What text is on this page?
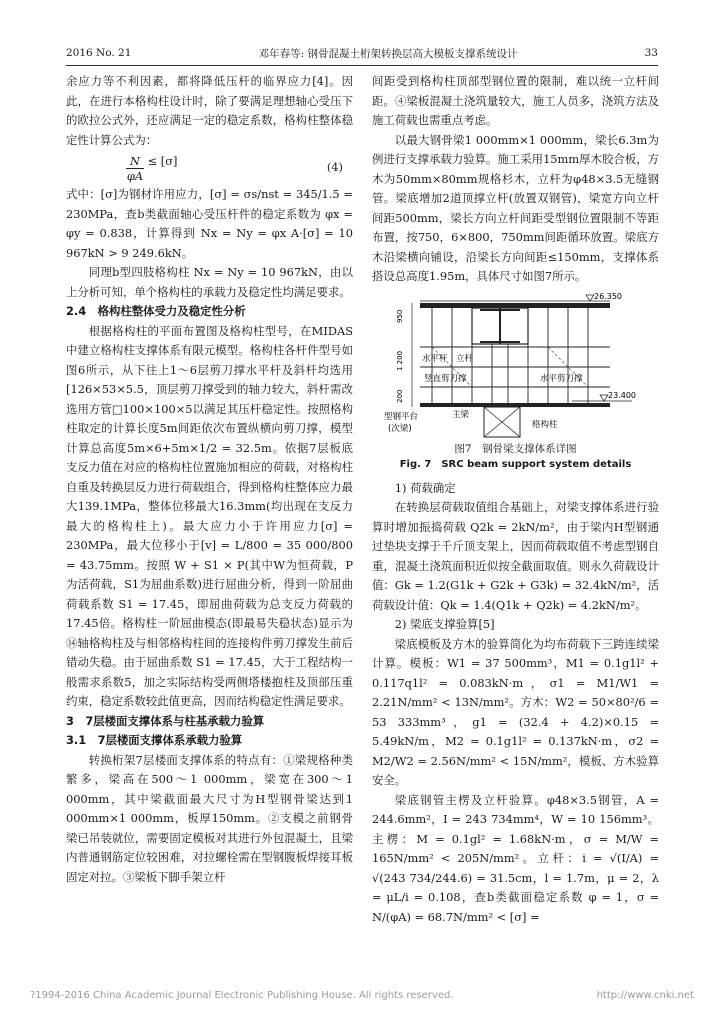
2016 No. 21	邓年春等: 钢骨混凝土桁架转换层高大模板支撑系统设计	33

余应力等不利因素，都将降低压杆的临界应力[4]。因此，在进行本格构柱设计时，除了要满足理想轴心受压下的欧拉公式外，还应满足一定的稳定系数，格构柱整体稳定性计算公式为：

$\frac{N}{\varphi A} \le [\sigma]$	(4)

式中：[σ]为钢材许用应力，[σ] = σs/nst = 345/1.5 = 230MPa，查b类截面轴心受压杆件的稳定系数为 φx = φy = 0.838，计算得到 Nx = Ny = φx A·[σ] = 10 967kN > 9 249.6kN。

同理b型四肢格构柱 Nx = Ny = 10 967kN，由以上分析可知，单个格构柱的承载力及稳定性均满足要求。

2.4　格构柱整体受力及稳定性分析

根据格构柱的平面布置图及格构柱型号，在MIDAS中建立格构柱支撑体系有限元模型。格构柱各杆件型号如图6所示，从下往上1～6层剪刀撑水平杆及斜杆均选用[126×53×5.5，顶层剪刀撑受到的轴力较大，斜杆需改选用方管□100×100×5以满足其压杆稳定性。按照格构柱取定的计算长度5m间距依次布置纵横向剪刀撑，模型计算总高度5m×6+5m×1/2 = 32.5m。依据7层板底支反力值在对应的格构柱位置施加相应的荷载，对格构柱自重及转换层反力进行荷载组合，得到格构柱整体应力最大139.1MPa，整体位移最大16.3mm(均出现在支反力最大的格构柱上)。最大应力小于许用应力[σ] = 230MPa，最大位移小于[v] = L/800 = 35 000/800 = 43.75mm。按照 W + S1 × P(其中W为恒荷载，P为活荷载，S1为屈曲系数)进行屈曲分析，得到一阶屈曲荷载系数 S1 = 17.45，即屈曲荷载为总支反力荷载的17.45倍。格构柱一阶屈曲模态(即最易失稳状态)显示为⑭轴格构柱及与相邻格构柱间的连接构件剪刀撑发生前后错动失稳。由于屈曲系数 S1 = 17.45，大于工程结构一般需求系数5，加之实际结构受两侧塔楼抱柱及顶部压重约束，稳定系数较此值更高，因而结构稳定性满足要求。

3　7层楼面支撑体系与柱基承载力验算

3.1　7层楼面支撑体系承载力验算

转换桁架7层楼面支撑体系的特点有：①梁规格种类繁多，梁高在500～1 000mm，梁宽在300～1 000mm，其中梁截面最大尺寸为H型钢骨梁达到1 000mm×1 000mm，板厚150mm。②支模之前钢骨梁已吊装就位，需要固定模板对其进行外包混凝土，且梁内普通钢筋定位较困难，对拉螺栓需在型钢腹板焊接耳板固定对拉。③梁板下脚手架立杆

间距受到格构柱顶部型钢位置的限制，难以统一立杆间距。④梁板混凝土浇筑量较大，施工人员多，浇筑方法及施工荷载也需重点考虑。

以最大钢骨梁1 000mm×1 000mm，梁长6.3m为例进行支撑承载力验算。施工采用15mm厚木胶合板，方木为50mm×80mm规格杉木，立杆为φ48×3.5无缝钢管。梁底增加2道顶撑立杆(放置双钢管)，梁宽方向立杆间距500mm，梁长方向立杆间距受型钢位置限制不等距布置，按750，6×800，750mm间距循环放置。梁底方木沿梁横向铺设，沿梁长方向间距≤150mm，支撑体系搭设总高度1.95m，具体尺寸如图7所示。

26.350
23.400
950
1 200
200
水平杆 立杆
竖直剪刀撑	水平剪刀撑
型钢平台
(次梁)
主梁
格构柱

图7　钢骨梁支撑体系详图

Fig. 7　SRC beam support system details

1) 荷载确定

在转换层荷载取值组合基础上，对梁支撑体系进行验算时增加振捣荷载 Q2k = 2kN/m²，由于梁内H型钢通过垫块支撑于千斤顶支架上，因而荷载取值不考虑型钢自重，混凝土浇筑面积近似按全截面取值。则永久荷载设计值：Gk = 1.2(G1k + G2k + G3k) = 32.4kN/m²，活荷载设计值：Qk = 1.4(Q1k + Q2k) = 4.2kN/m²。

2) 梁底支撑验算[5]

梁底模板及方木的验算简化为均布荷载下三跨连续梁计算。模板：W1 = 37 500mm³，M1 = 0.1g1l² + 0.117q1l² = 0.083kN·m，σ1 = M1/W1 = 2.21N/mm² < 13N/mm²。方木：W2 = 50×80²/6 = 53 333mm³，g1 = (32.4 + 4.2)×0.15 = 5.49kN/m，M2 = 0.1g1l² = 0.137kN·m，σ2 = M2/W2 = 2.56N/mm² < 15N/mm²，模板、方木验算安全。

梁底钢管主楞及立杆验算。φ48×3.5钢管，A = 244.6mm²，I = 243 734mm⁴，W = 10 156mm³。主楞：M = 0.1gl² = 1.68kN·m，σ = M/W = 165N/mm² < 205N/mm²。立杆：i = √(I/A) = √(243 734/244.6) = 31.5cm，l = 1.7m，μ = 2，λ = μL/i = 0.108，查b类截面稳定系数 φ = 1，σ = N/(φA) = 68.7N/mm² < [σ] =

?1994-2016 China Academic Journal Electronic Publishing House. All rights reserved.	http://www.cnki.net
